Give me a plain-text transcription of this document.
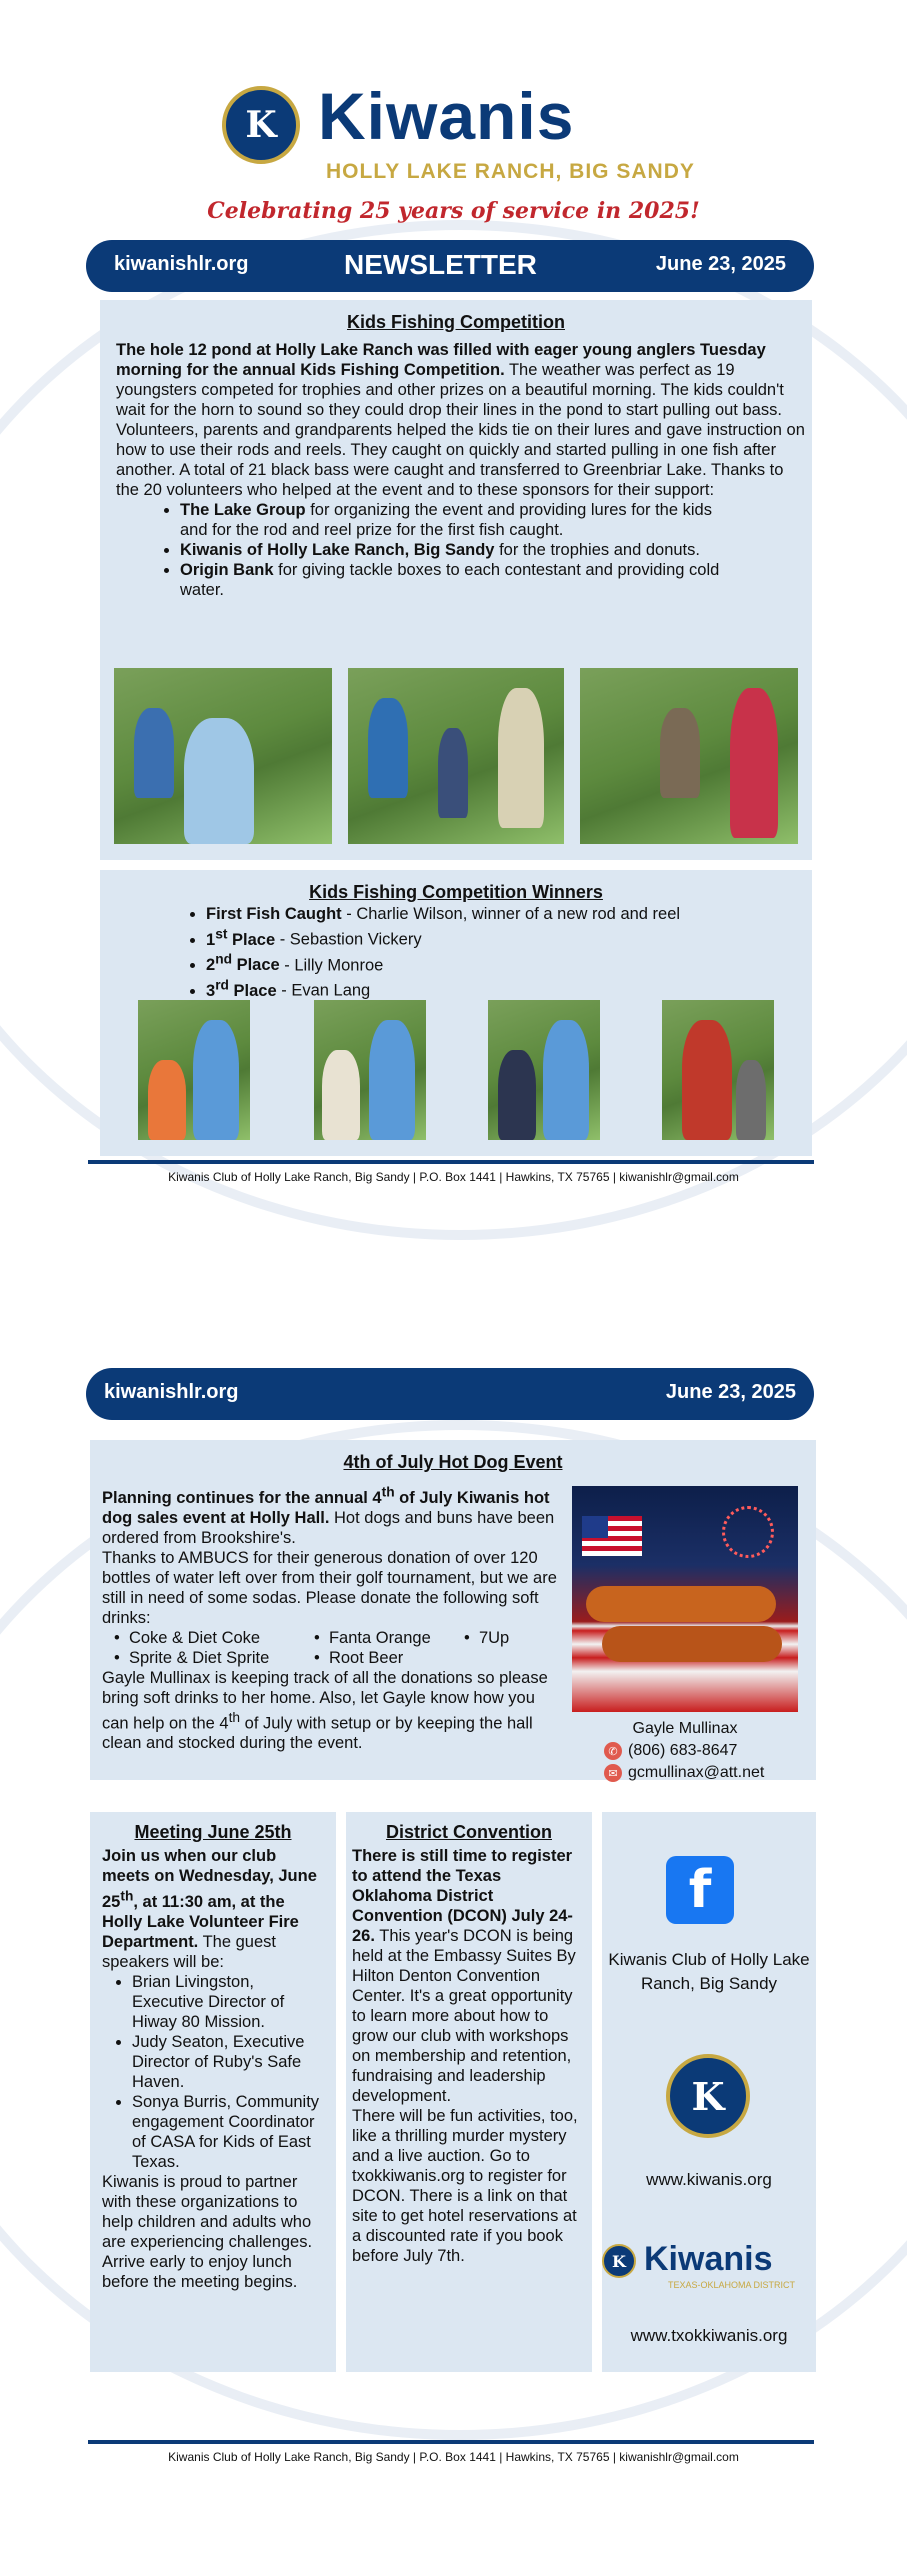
K Kiwanis
HOLLY LAKE RANCH, BIG SANDY
Celebrating 25 years of service in 2025!
kiwanishlr.org	NEWSLETTER	June 23, 2025
Kids Fishing Competition
The hole 12 pond at Holly Lake Ranch was filled with eager young anglers Tuesday morning for the annual Kids Fishing Competition. The weather was perfect as 19 youngsters competed for trophies and other prizes on a beautiful morning. The kids couldn't wait for the horn to sound so they could drop their lines in the pond to start pulling out bass. Volunteers, parents and grandparents helped the kids tie on their lures and gave instruction on how to use their rods and reels. They caught on quickly and started pulling in one fish after another. A total of 21 black bass were caught and transferred to Greenbriar Lake. Thanks to the 20 volunteers who helped at the event and to these sponsors for their support:
• The Lake Group for organizing the event and providing lures for the kids and for the rod and reel prize for the first fish caught.
• Kiwanis of Holly Lake Ranch, Big Sandy for the trophies and donuts.
• Origin Bank for giving tackle boxes to each contestant and providing cold water.
Kids Fishing Competition Winners
• First Fish Caught - Charlie Wilson, winner of a new rod and reel
• 1st Place - Sebastion Vickery
• 2nd Place - Lilly Monroe
• 3rd Place - Evan Lang
Kiwanis Club of Holly Lake Ranch, Big Sandy | P.O. Box 1441 | Hawkins, TX 75765 | kiwanishlr@gmail.com
kiwanishlr.org	June 23, 2025
4th of July Hot Dog Event
Planning continues for the annual 4th of July Kiwanis hot dog sales event at Holly Hall. Hot dogs and buns have been ordered from Brookshire's.
Thanks to AMBUCS for their generous donation of over 120 bottles of water left over from their golf tournament, but we are still in need of some sodas. Please donate the following soft drinks:
•  Coke & Diet Coke	•  Fanta Orange	•  7Up
•  Sprite & Diet Sprite	•  Root Beer
Gayle Mullinax is keeping track of all the donations so please bring soft drinks to her home. Also, let Gayle know how you can help on the 4th of July with setup or by keeping the hall clean and stocked during the event.
Gayle Mullinax
✆ (806) 683-8647
✉ gcmullinax@att.net
Meeting June 25th
Join us when our club meets on Wednesday, June 25th, at 11:30 am, at the Holly Lake Volunteer Fire Department. The guest speakers will be:
• Brian Livingston, Executive Director of Hiway 80 Mission.
• Judy Seaton, Executive Director of Ruby's Safe Haven.
• Sonya Burris, Community engagement Coordinator of CASA for Kids of East Texas.
Kiwanis is proud to partner with these organizations to help children and adults who are experiencing challenges. Arrive early to enjoy lunch before the meeting begins.
District Convention
There is still time to register to attend the Texas Oklahoma District Convention (DCON) July 24-26. This year's DCON is being held at the Embassy Suites By Hilton Denton Convention Center. It's a great opportunity to learn more about how to grow our club with workshops on membership and retention, fundraising and leadership development.
There will be fun activities, too, like a thrilling murder mystery and a live auction. Go to txokkiwanis.org to register for DCON. There is a link on that site to get hotel reservations at a discounted rate if you book before July 7th.
f
Kiwanis Club of Holly Lake Ranch, Big Sandy
K
www.kiwanis.org
K Kiwanis
TEXAS-OKLAHOMA DISTRICT
www.txokkiwanis.org
Kiwanis Club of Holly Lake Ranch, Big Sandy | P.O. Box 1441 | Hawkins, TX 75765 | kiwanishlr@gmail.com
